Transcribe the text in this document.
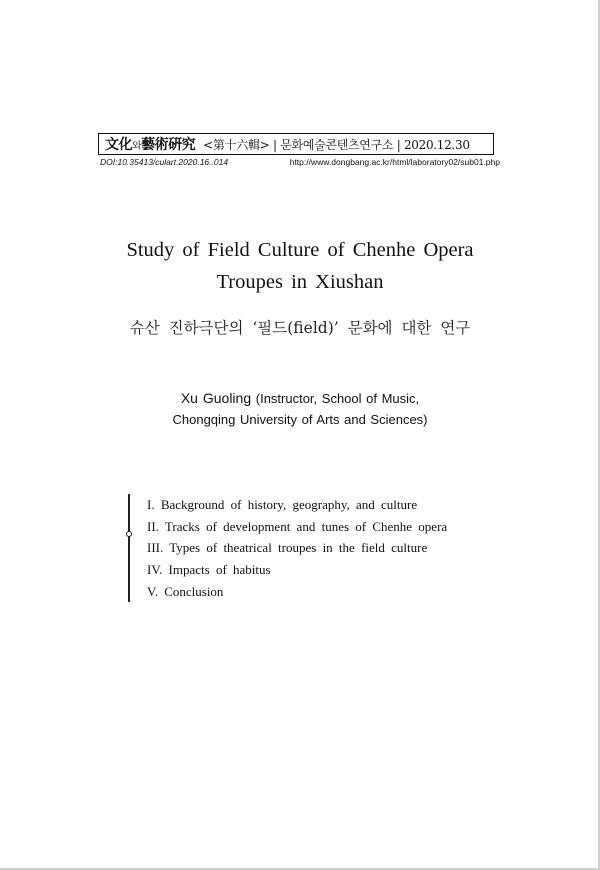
文化와藝術硏究 <第十六輯> | 문화예술콘텐츠연구소 | 2020.12.30
DOI:10.35413/culart.2020.16..014	http://www.dongbang.ac.kr/html/laboratory02/sub01.php
Study of Field Culture of Chenhe Opera
Troupes in Xiushan
슈산 진하극단의 ‘필드(field)’ 문화에 대한 연구
Xu Guoling (Instructor, School of Music,
Chongqing University of Arts and Sciences)
I. Background of history, geography, and culture
II. Tracks of development and tunes of Chenhe opera
III. Types of theatrical troupes in the field culture
IV. Impacts of habitus
V. Conclusion
